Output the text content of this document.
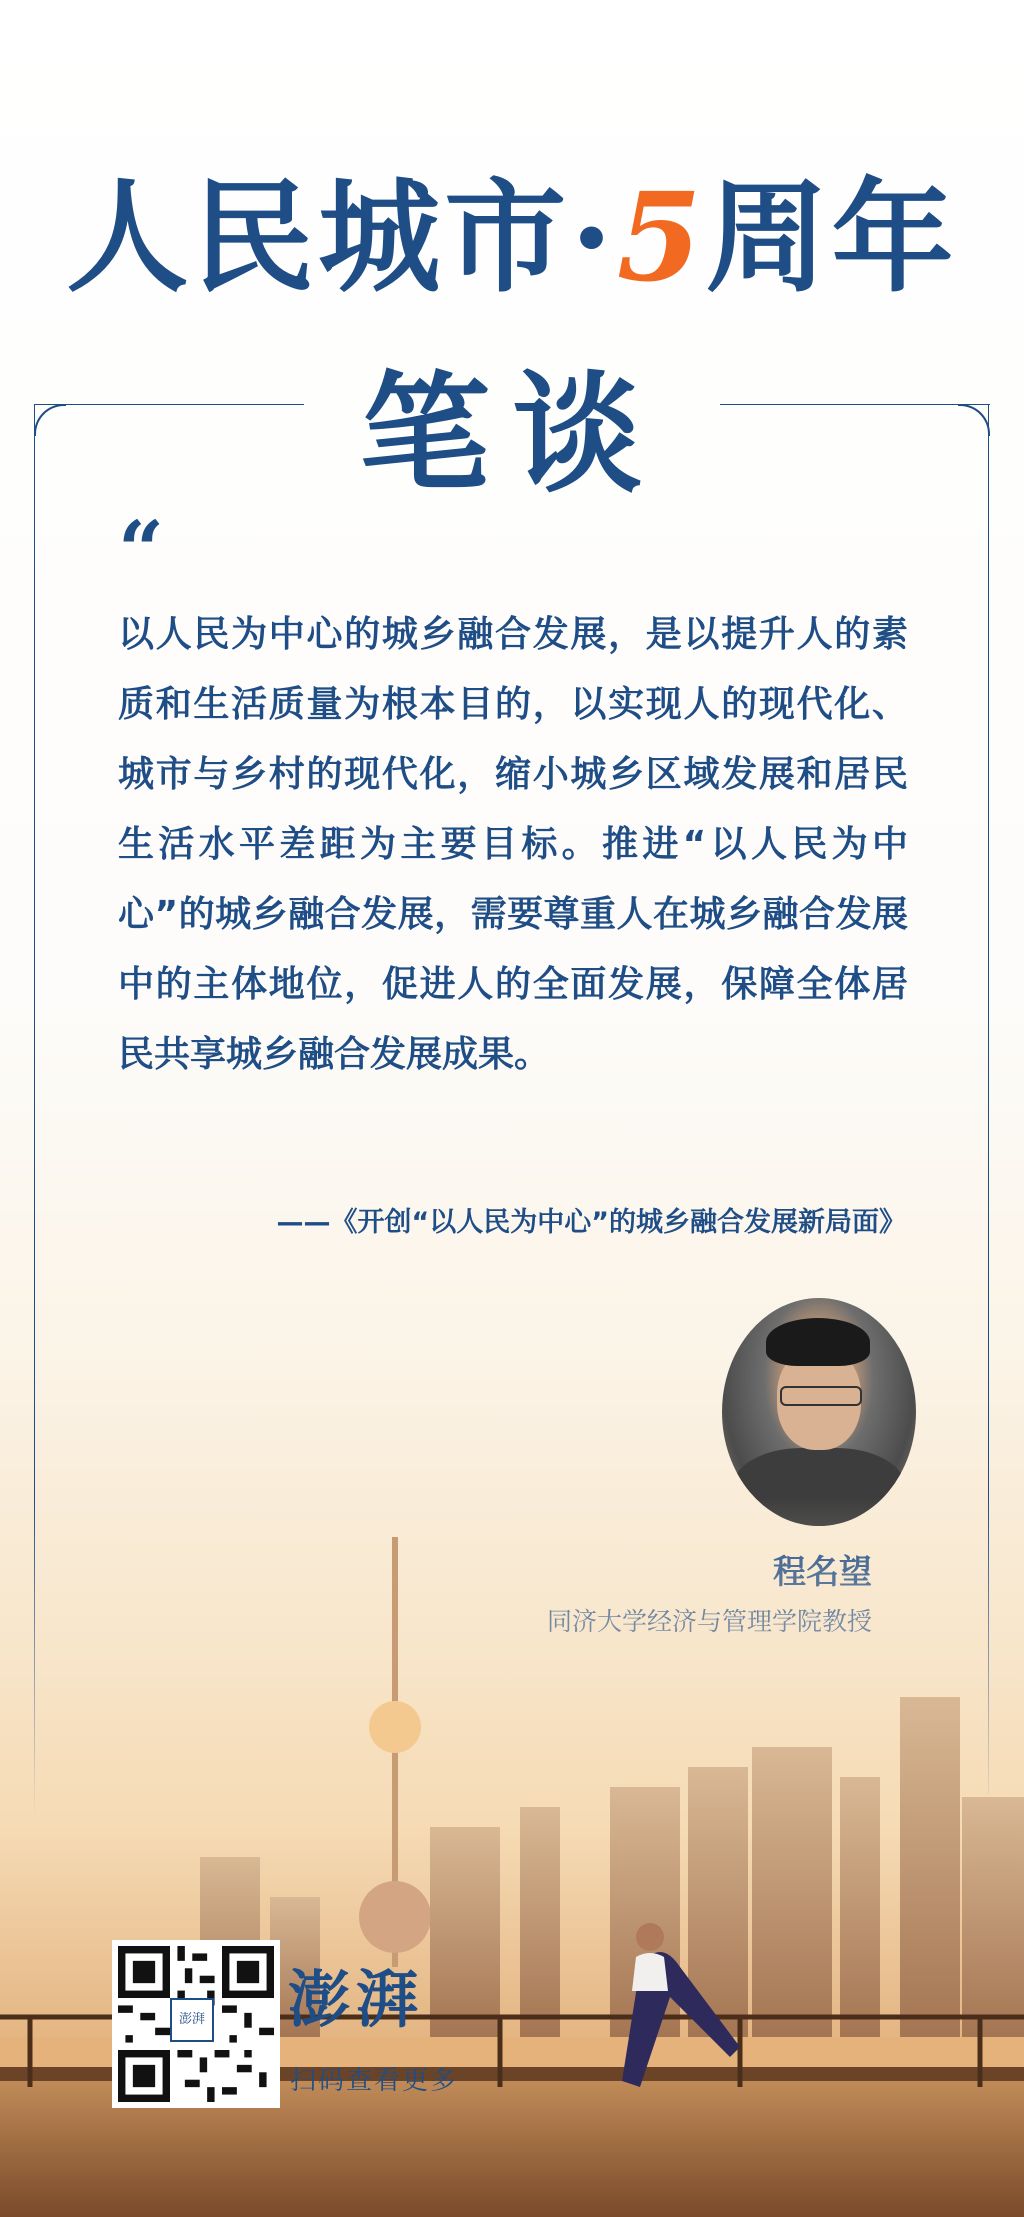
人民城市·5周年
笔谈
“
以人民为中心的城乡融合发展，是以提升人的素质和生活质量为根本目的，以实现人的现代化、城市与乡村的现代化，缩小城乡区域发展和居民生活水平差距为主要目标。推进“以人民为中心”的城乡融合发展，需要尊重人在城乡融合发展中的主体地位，促进人的全面发展，保障全体居民共享城乡融合发展成果。
——《开创“以人民为中心”的城乡融合发展新局面》
澎湃 澎湃
扫码查看更多
